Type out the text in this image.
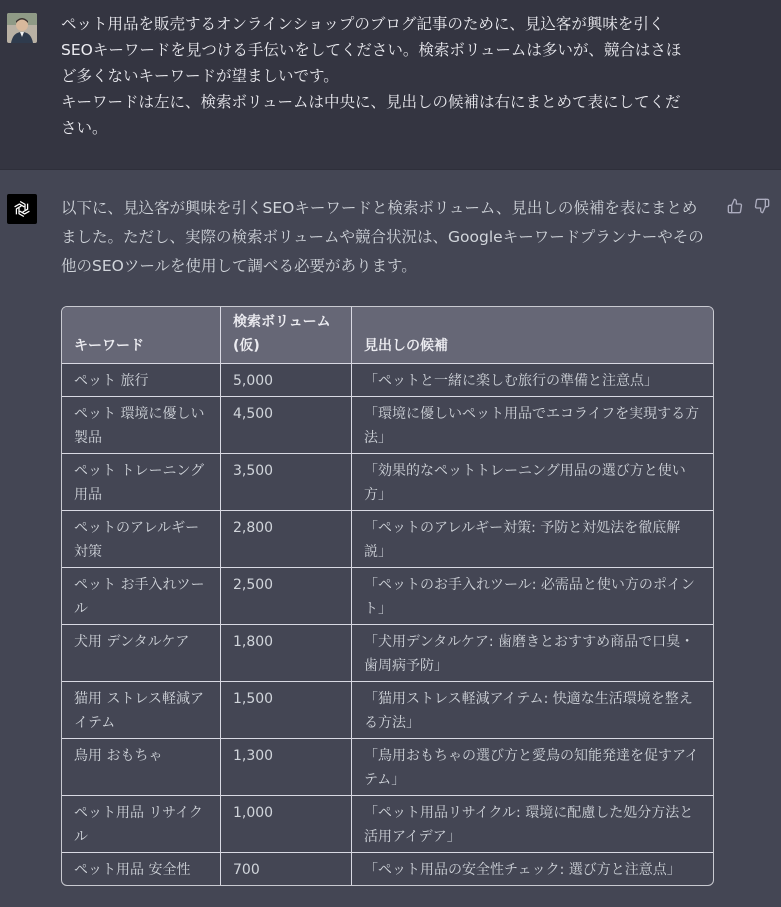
ペット用品を販売するオンラインショップのブログ記事のために、見込客が興味を引く

SEOキーワードを見つける手伝いをしてください。検索ボリュームは多いが、競合はさほ

ど多くないキーワードが望ましいです。

キーワードは左に、検索ボリュームは中央に、見出しの候補は右にまとめて表にしてくだ

さい。

以下に、見込客が興味を引くSEOキーワードと検索ボリューム、見出しの候補を表にまとめました。ただし、実際の検索ボリュームや競合状況は、Googleキーワードプランナーやその他のSEOツールを使用して調べる必要があります。

キーワード	検索ボリューム (仮)	見出しの候補
ペット 旅行	5,000	「ペットと一緒に楽しむ旅行の準備と注意点」
ペット 環境に優しい製品	4,500	「環境に優しいペット用品でエコライフを実現する方法」
ペット トレーニング用品	3,500	「効果的なペットトレーニング用品の選び方と使い方」
ペットのアレルギー対策	2,800	「ペットのアレルギー対策: 予防と対処法を徹底解説」
ペット お手入れツール	2,500	「ペットのお手入れツール: 必需品と使い方のポイント」
犬用 デンタルケア	1,800	「犬用デンタルケア: 歯磨きとおすすめ商品で口臭・歯周病予防」
猫用 ストレス軽減アイテム	1,500	「猫用ストレス軽減アイテム: 快適な生活環境を整える方法」
鳥用 おもちゃ	1,300	「鳥用おもちゃの選び方と愛鳥の知能発達を促すアイテム」
ペット用品 リサイクル	1,000	「ペット用品リサイクル: 環境に配慮した処分方法と活用アイデア」
ペット用品 安全性	700	「ペット用品の安全性チェック: 選び方と注意点」
